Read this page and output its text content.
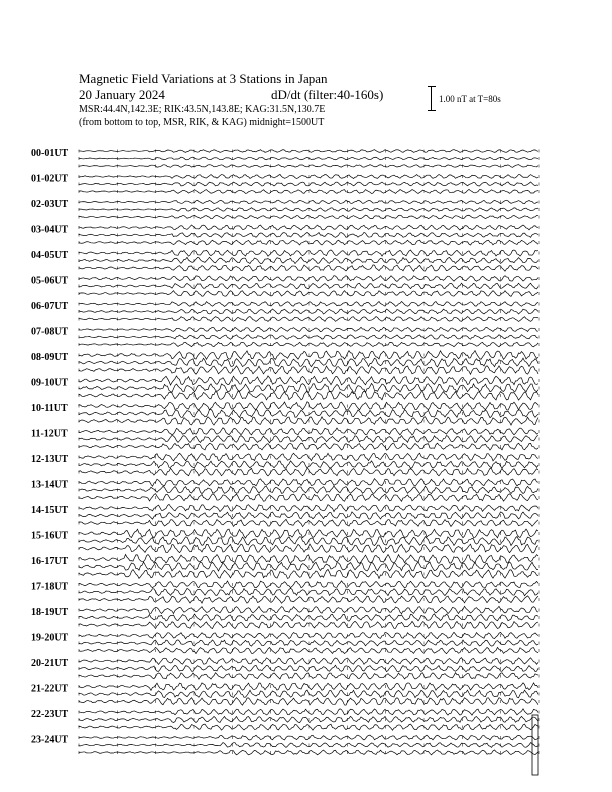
Magnetic Field Variations at 3 Stations in Japan
20 January 2024	dD/dt (filter:40-160s)
MSR:44.4N,142.3E; RIK:43.5N,143.8E; KAG:31.5N,130.7E
(from bottom to top, MSR, RIK, & KAG) midnight=1500UT
1.00 nT at T=80s
00-01UT
01-02UT
02-03UT
03-04UT
04-05UT
05-06UT
06-07UT
07-08UT
08-09UT
09-10UT
10-11UT
11-12UT
12-13UT
13-14UT
14-15UT
15-16UT
16-17UT
17-18UT
18-19UT
19-20UT
20-21UT
21-22UT
22-23UT
23-24UT
